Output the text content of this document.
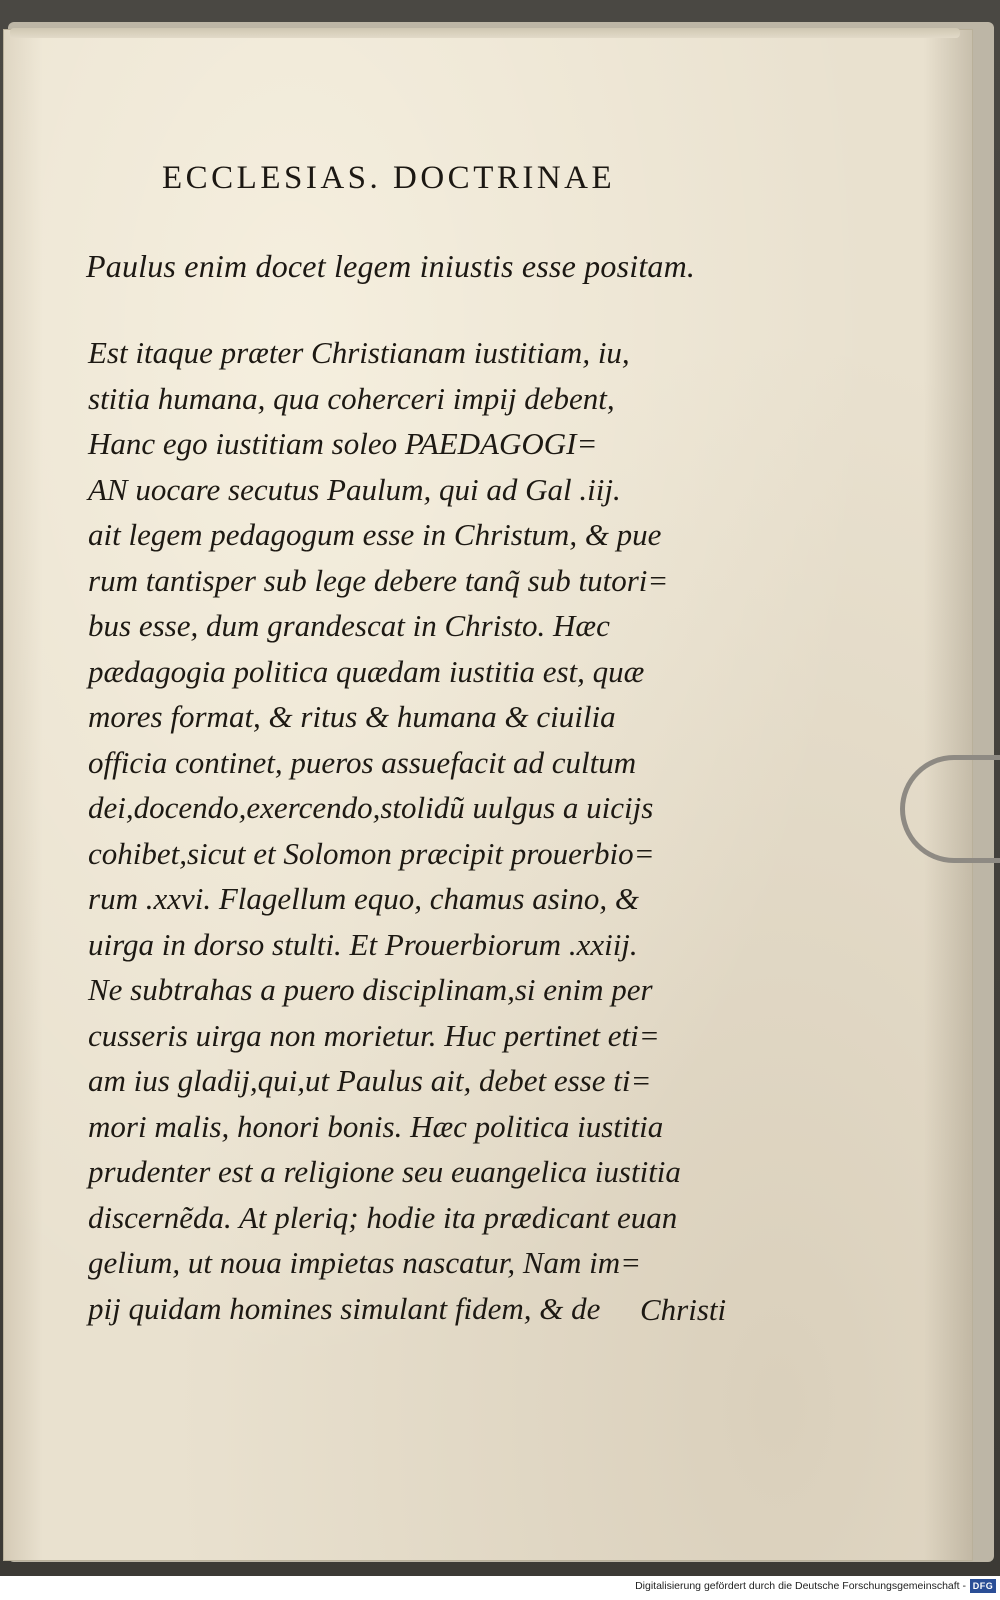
ECCLESIAS. DOCTRINAE
Paulus enim docet legem iniustis esse positam.
Est itaque præter Christianam iustitiam, iu,
stitia humana, qua coherceri impij debent,
Hanc ego iustitiam soleo PAEDAGOGI=
AN uocare secutus Paulum, qui ad Gal .iij.
ait legem pedagogum esse in Christum, & pue
rum tantisper sub lege debere tanq̃ sub tutori=
bus esse, dum grandescat in Christo. Hæc
pædagogia politica quædam iustitia est, quæ
mores format, & ritus & humana & ciuilia
officia continet, pueros assuefacit ad cultum
dei,docendo,exercendo,stolidũ uulgus a uicijs
cohibet,sicut et Solomon præcipit prouerbio=
rum .xxvi. Flagellum equo, chamus asino, &
uirga in dorso stulti. Et Prouerbiorum .xxiij.
Ne subtrahas a puero disciplinam,si enim per
cusseris uirga non morietur. Huc pertinet eti=
am ius gladij,qui,ut Paulus ait, debet esse ti=
mori malis, honori bonis. Hæc politica iustitia
prudenter est a religione seu euangelica iustitia
discernẽda. At pleriq; hodie ita prædicant euan
gelium, ut noua impietas nascatur, Nam im=
pij quidam homines simulant fidem, & de	Christi
Digitalisierung gefördert durch die Deutsche Forschungsgemeinschaft - DFG
